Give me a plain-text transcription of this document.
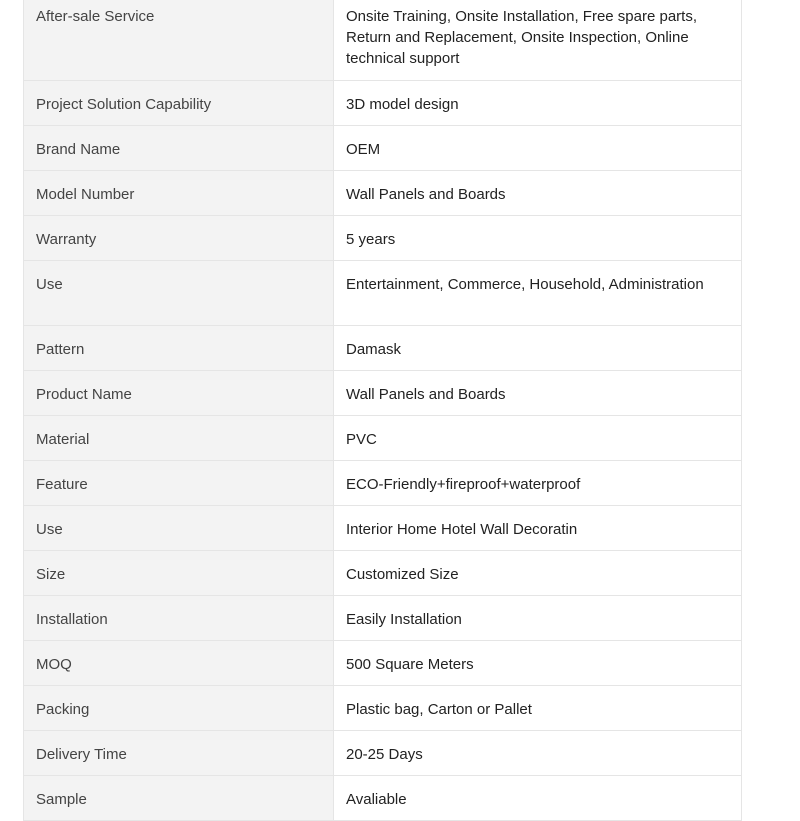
After-sale Service	Onsite Training, Onsite Installation, Free spare parts, Return and Replacement, Onsite Inspection, Online technical support
Project Solution Capability	3D model design
Brand Name	OEM
Model Number	Wall Panels and Boards
Warranty	5 years
Use	Entertainment, Commerce, Household, Administration
Pattern	Damask
Product Name	Wall Panels and Boards
Material	PVC
Feature	ECO-Friendly+fireproof+waterproof
Use	Interior Home Hotel Wall Decoratin
Size	Customized Size
Installation	Easily Installation
MOQ	500 Square Meters
Packing	Plastic bag, Carton or Pallet
Delivery Time	20-25 Days
Sample	Avaliable
